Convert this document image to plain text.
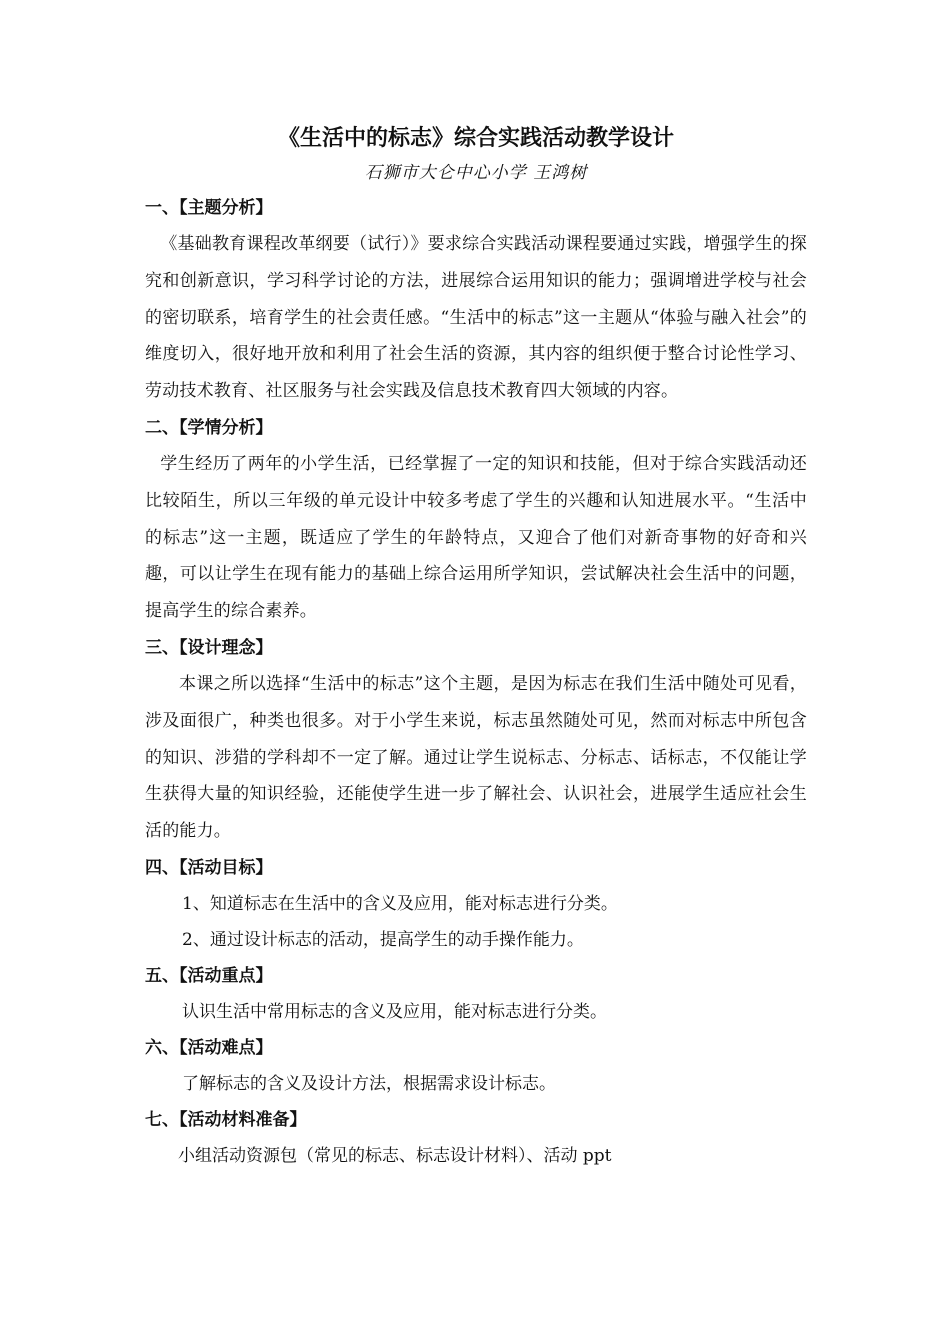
《生活中的标志》综合实践活动教学设计

石狮市大仑中心小学 王鸿树

一、【主题分析】

《基础教育课程改革纲要（试行）》要求综合实践活动课程要通过实践，增强学生的探究和创新意识，学习科学讨论的方法，进展综合运用知识的能力；强调增进学校与社会的密切联系，培育学生的社会责任感。“生活中的标志”这一主题从“体验与融入社会”的维度切入，很好地开放和利用了社会生活的资源，其内容的组织便于整合讨论性学习、劳动技术教育、社区服务与社会实践及信息技术教育四大领域的内容。

二、【学情分析】

学生经历了两年的小学生活，已经掌握了一定的知识和技能，但对于综合实践活动还比较陌生，所以三年级的单元设计中较多考虑了学生的兴趣和认知进展水平。“生活中的标志”这一主题，既适应了学生的年龄特点，又迎合了他们对新奇事物的好奇和兴趣，可以让学生在现有能力的基础上综合运用所学知识，尝试解决社会生活中的问题，提高学生的综合素养。

三、【设计理念】

本课之所以选择“生活中的标志”这个主题，是因为标志在我们生活中随处可见看，涉及面很广，种类也很多。对于小学生来说，标志虽然随处可见，然而对标志中所包含的知识、涉猎的学科却不一定了解。通过让学生说标志、分标志、话标志，不仅能让学生获得大量的知识经验，还能使学生进一步了解社会、认识社会，进展学生适应社会生活的能力。

四、【活动目标】

1、知道标志在生活中的含义及应用，能对标志进行分类。

2、通过设计标志的活动，提高学生的动手操作能力。

五、【活动重点】

认识生活中常用标志的含义及应用，能对标志进行分类。

六、【活动难点】

了解标志的含义及设计方法，根据需求设计标志。

七、【活动材料准备】

小组活动资源包（常见的标志、标志设计材料）、活动 ppt
